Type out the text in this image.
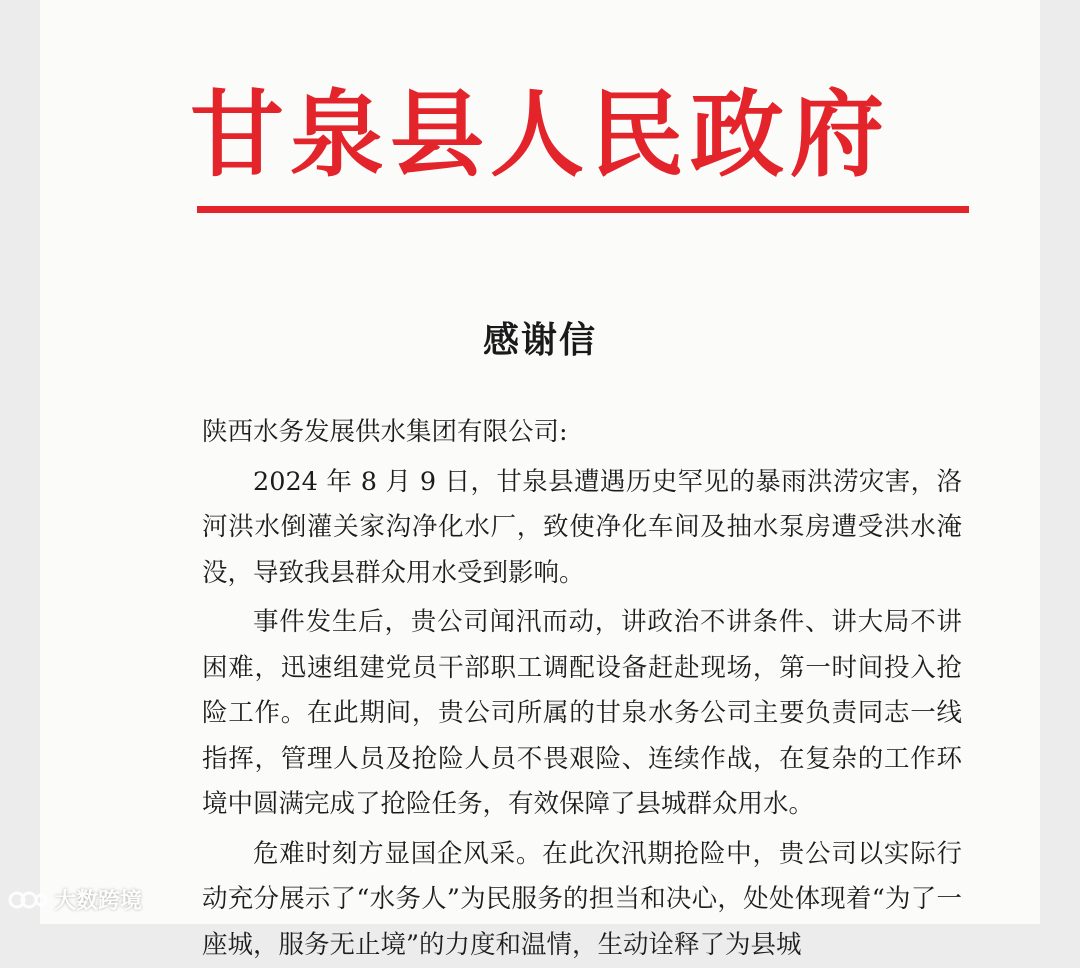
甘泉县人民政府
感谢信

陕西水务发展供水集团有限公司:

2024 年 8 月 9 日，甘泉县遭遇历史罕见的暴雨洪涝灾害，洛河洪水倒灌关家沟净化水厂，致使净化车间及抽水泵房遭受洪水淹没，导致我县群众用水受到影响。

事件发生后，贵公司闻汛而动，讲政治不讲条件、讲大局不讲困难，迅速组建党员干部职工调配设备赶赴现场，第一时间投入抢险工作。在此期间，贵公司所属的甘泉水务公司主要负责同志一线指挥，管理人员及抢险人员不畏艰险、连续作战，在复杂的工作环境中圆满完成了抢险任务，有效保障了县城群众用水。

危难时刻方显国企风采。在此次汛期抢险中，贵公司以实际行动充分展示了“水务人”为民服务的担当和决心，处处体现着“为了一座城，服务无止境”的力度和温情，生动诠释了为县城

大数跨境
